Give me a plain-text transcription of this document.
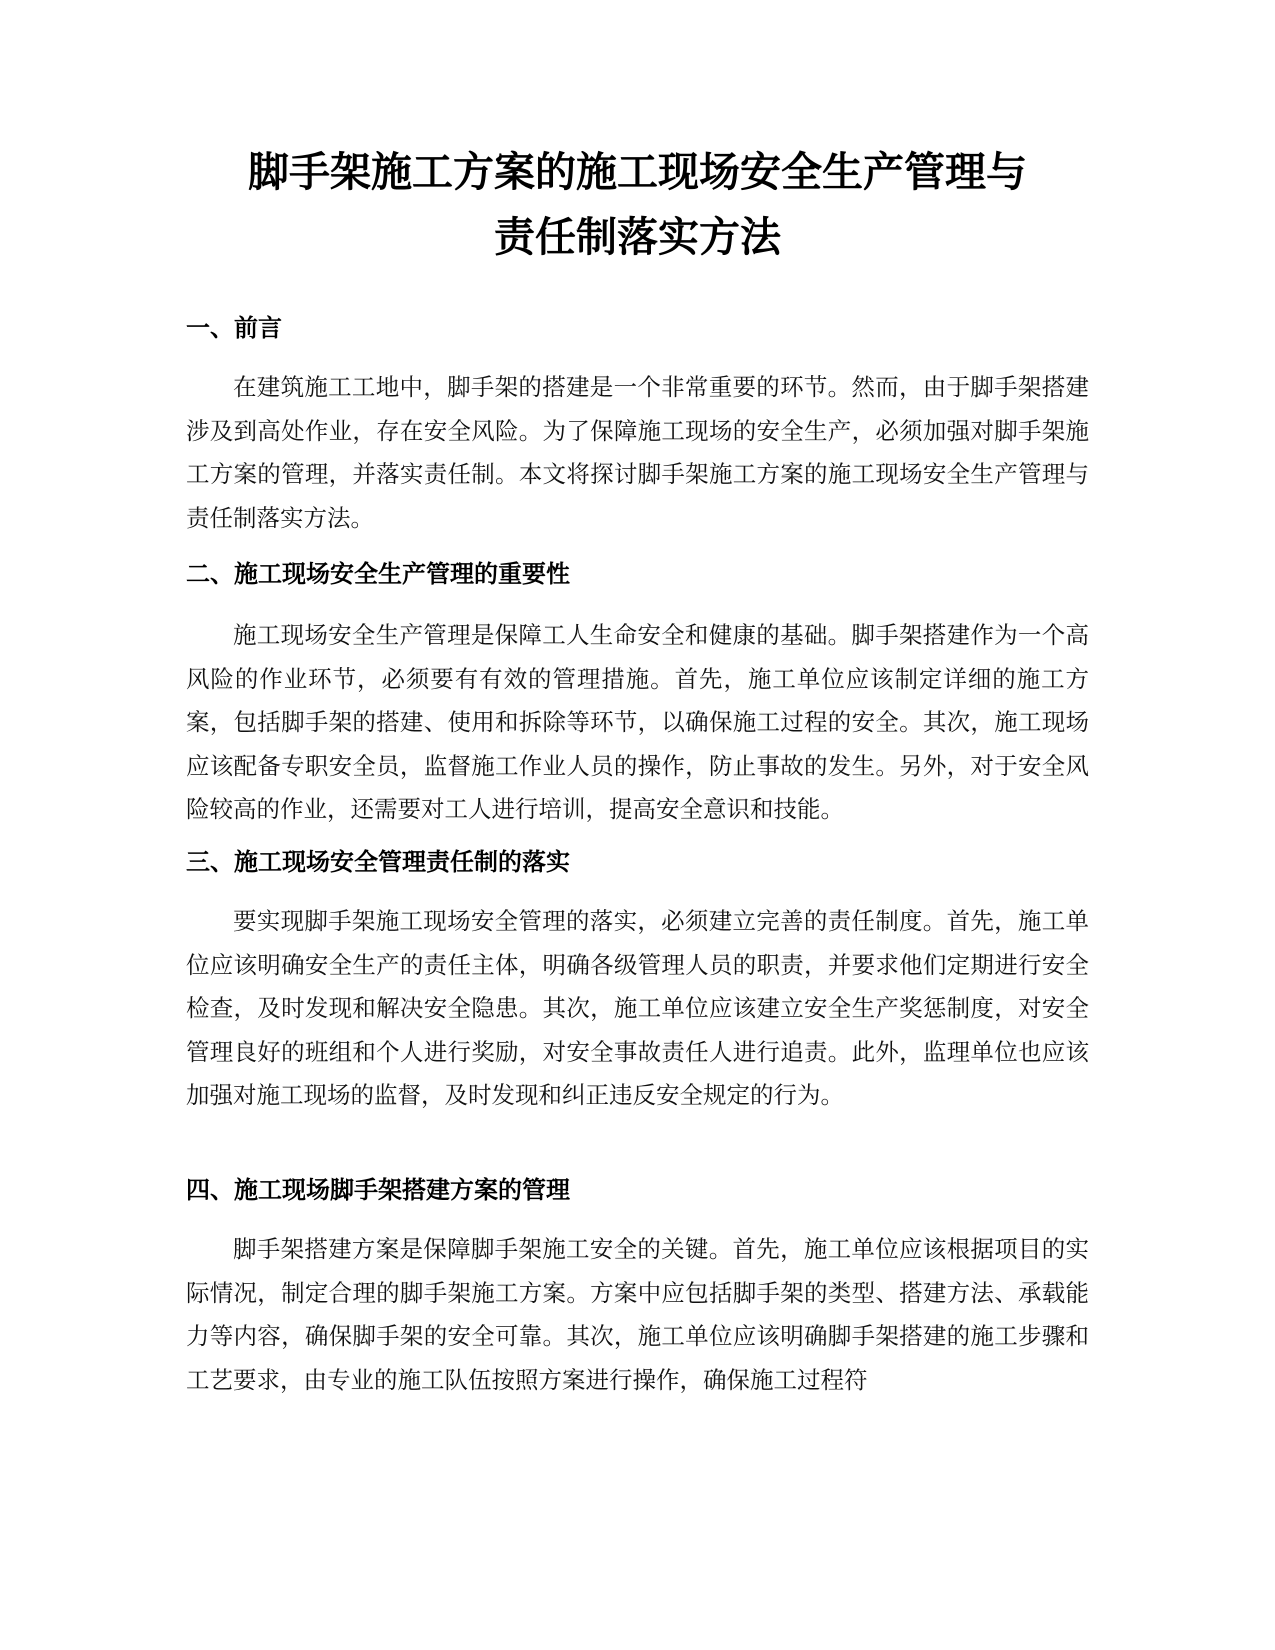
脚手架施工方案的施工现场安全生产管理与
责任制落实方法
一、前言

在建筑施工工地中，脚手架的搭建是一个非常重要的环节。然而，由于脚手架搭建涉及到高处作业，存在安全风险。为了保障施工现场的安全生产，必须加强对脚手架施工方案的管理，并落实责任制。本文将探讨脚手架施工方案的施工现场安全生产管理与责任制落实方法。

二、施工现场安全生产管理的重要性

施工现场安全生产管理是保障工人生命安全和健康的基础。脚手架搭建作为一个高风险的作业环节，必须要有有效的管理措施。首先，施工单位应该制定详细的施工方案，包括脚手架的搭建、使用和拆除等环节，以确保施工过程的安全。其次，施工现场应该配备专职安全员，监督施工作业人员的操作，防止事故的发生。另外，对于安全风险较高的作业，还需要对工人进行培训，提高安全意识和技能。

三、施工现场安全管理责任制的落实

要实现脚手架施工现场安全管理的落实，必须建立完善的责任制度。首先，施工单位应该明确安全生产的责任主体，明确各级管理人员的职责，并要求他们定期进行安全检查，及时发现和解决安全隐患。其次，施工单位应该建立安全生产奖惩制度，对安全管理良好的班组和个人进行奖励，对安全事故责任人进行追责。此外，监理单位也应该加强对施工现场的监督，及时发现和纠正违反安全规定的行为。

四、施工现场脚手架搭建方案的管理

脚手架搭建方案是保障脚手架施工安全的关键。首先，施工单位应该根据项目的实际情况，制定合理的脚手架施工方案。方案中应包括脚手架的类型、搭建方法、承载能力等内容，确保脚手架的安全可靠。其次，施工单位应该明确脚手架搭建的施工步骤和工艺要求，由专业的施工队伍按照方案进行操作，确保施工过程符
